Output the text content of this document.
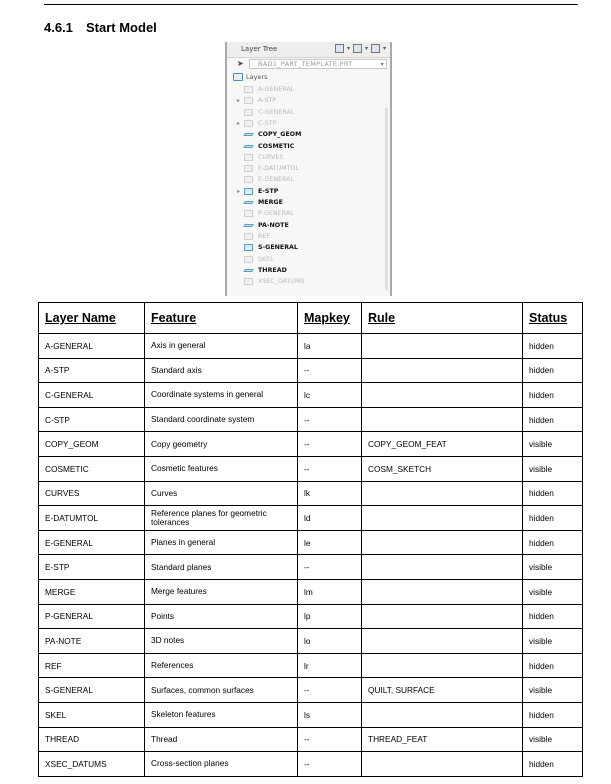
4.6.1 Start Model
Layer Tree	▾	▾	▾
➤	BAD1_PART_TEMPLATE.PRT	▾
Layers
A-GENERAL
▸	A-STP
C-GENERAL
▸	C-STP
COPY_GEOM
COSMETIC
CURVES
E-DATUMTOL
E-GENERAL
▸	E-STP
MERGE
P-GENERAL
PA-NOTE
REF
S-GENERAL
SKEL
THREAD
XSEC_DATUMS
Layer Name	Feature	Mapkey	Rule	Status
A-GENERAL	Axis in general	la		hidden
A-STP	Standard axis	--		hidden
C-GENERAL	Coordinate systems in general	lc		hidden
C-STP	Standard coordinate system	--		hidden
COPY_GEOM	Copy geometry	--	COPY_GEOM_FEAT	visible
COSMETIC	Cosmetic features	--	COSM_SKETCH	visible
CURVES	Curves	lk		hidden
E-DATUMTOL	Reference planes for geometric tolerances	ld		hidden
E-GENERAL	Planes in general	le		hidden
E-STP	Standard planes	--		visible
MERGE	Merge features	lm		visible
P-GENERAL	Points	lp		hidden
PA-NOTE	3D notes	lo		visible
REF	References	lr		hidden
S-GENERAL	Surfaces, common surfaces	--	QUILT, SURFACE	visible
SKEL	Skeleton features	ls		hidden
THREAD	Thread	--	THREAD_FEAT	visible
XSEC_DATUMS	Cross-section planes	--		hidden
